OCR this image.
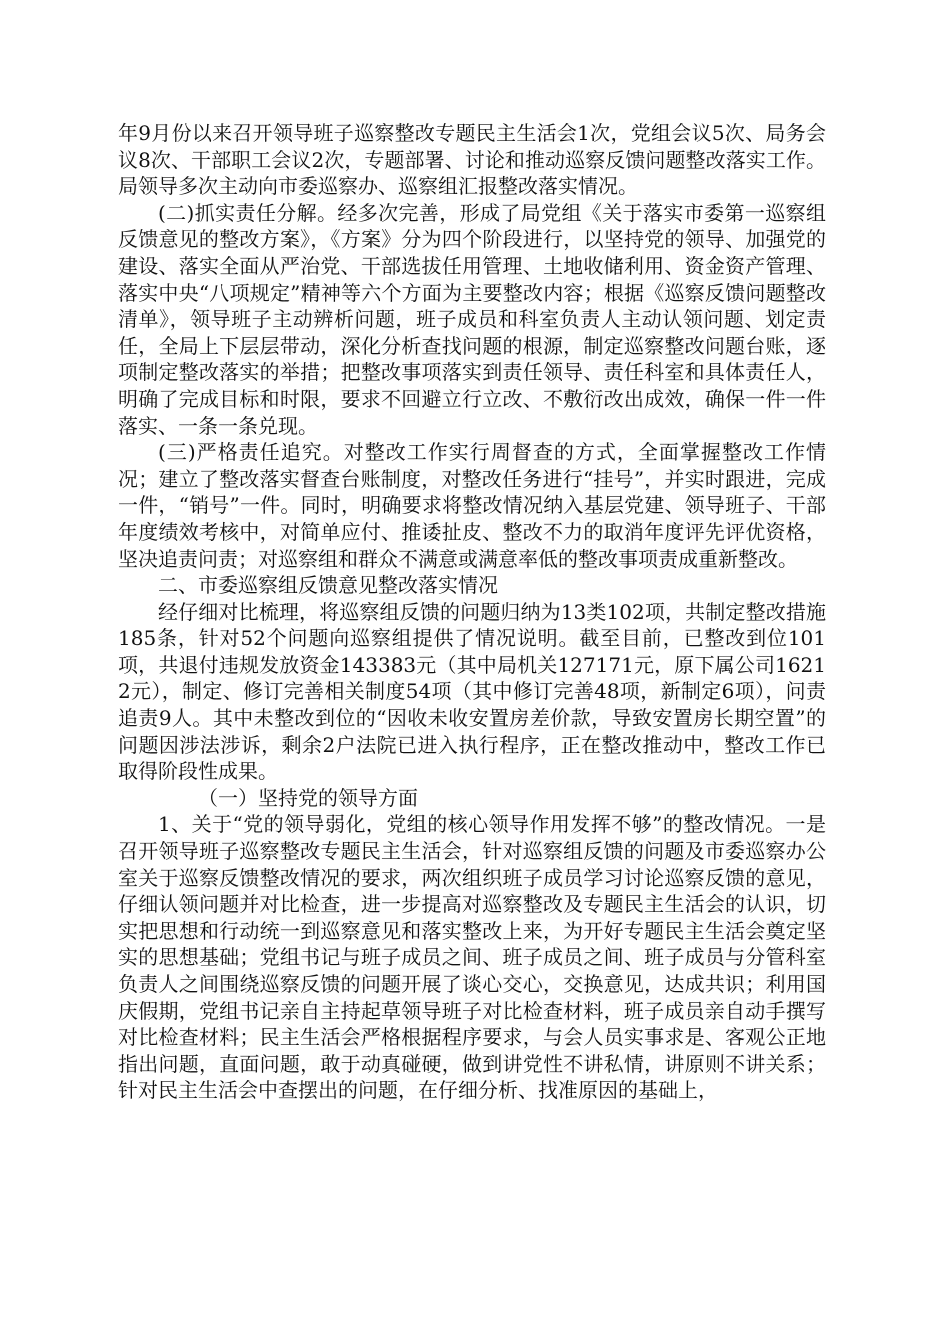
年9月份以来召开领导班子巡察整改专题民主生活会1次，党组会议5次、局务会议8次、干部职工会议2次，专题部署、讨论和推动巡察反馈问题整改落实工作。局领导多次主动向市委巡察办、巡察组汇报整改落实情况。

(二)抓实责任分解。经多次完善，形成了局党组《关于落实市委第一巡察组反馈意见的整改方案》，《方案》分为四个阶段进行，以坚持党的领导、加强党的建设、落实全面从严治党、干部选拔任用管理、土地收储利用、资金资产管理、落实中央“八项规定”精神等六个方面为主要整改内容；根据《巡察反馈问题整改清单》，领导班子主动辨析问题，班子成员和科室负责人主动认领问题、划定责任，全局上下层层带动，深化分析查找问题的根源，制定巡察整改问题台账，逐项制定整改落实的举措；把整改事项落实到责任领导、责任科室和具体责任人，明确了完成目标和时限，要求不回避立行立改、不敷衍改出成效，确保一件一件落实、一条一条兑现。

(三)严格责任追究。对整改工作实行周督查的方式，全面掌握整改工作情况；建立了整改落实督查台账制度，对整改任务进行“挂号”，并实时跟进，完成一件，“销号”一件。同时，明确要求将整改情况纳入基层党建、领导班子、干部年度绩效考核中，对简单应付、推诿扯皮、整改不力的取消年度评先评优资格，坚决追责问责；对巡察组和群众不满意或满意率低的整改事项责成重新整改。

二、市委巡察组反馈意见整改落实情况

经仔细对比梳理，将巡察组反馈的问题归纳为13类102项，共制定整改措施185条，针对52个问题向巡察组提供了情况说明。截至目前，已整改到位101项，共退付违规发放资金143383元（其中局机关127171元，原下属公司16212元），制定、修订完善相关制度54项（其中修订完善48项，新制定6项），问责追责9人。其中未整改到位的“因收未收安置房差价款，导致安置房长期空置”的问题因涉法涉诉，剩余2户法院已进入执行程序，正在整改推动中，整改工作已取得阶段性成果。

（一）坚持党的领导方面

1、关于“党的领导弱化，党组的核心领导作用发挥不够”的整改情况。一是召开领导班子巡察整改专题民主生活会，针对巡察组反馈的问题及市委巡察办公室关于巡察反馈整改情况的要求，两次组织班子成员学习讨论巡察反馈的意见，仔细认领问题并对比检查，进一步提高对巡察整改及专题民主生活会的认识，切实把思想和行动统一到巡察意见和落实整改上来，为开好专题民主生活会奠定坚实的思想基础；党组书记与班子成员之间、班子成员之间、班子成员与分管科室负责人之间围绕巡察反馈的问题开展了谈心交心，交换意见，达成共识；利用国庆假期，党组书记亲自主持起草领导班子对比检查材料，班子成员亲自动手撰写对比检查材料；民主生活会严格根据程序要求，与会人员实事求是、客观公正地指出问题，直面问题，敢于动真碰硬，做到讲党性不讲私情，讲原则不讲关系；针对民主生活会中查摆出的问题，在仔细分析、找准原因的基础上，
